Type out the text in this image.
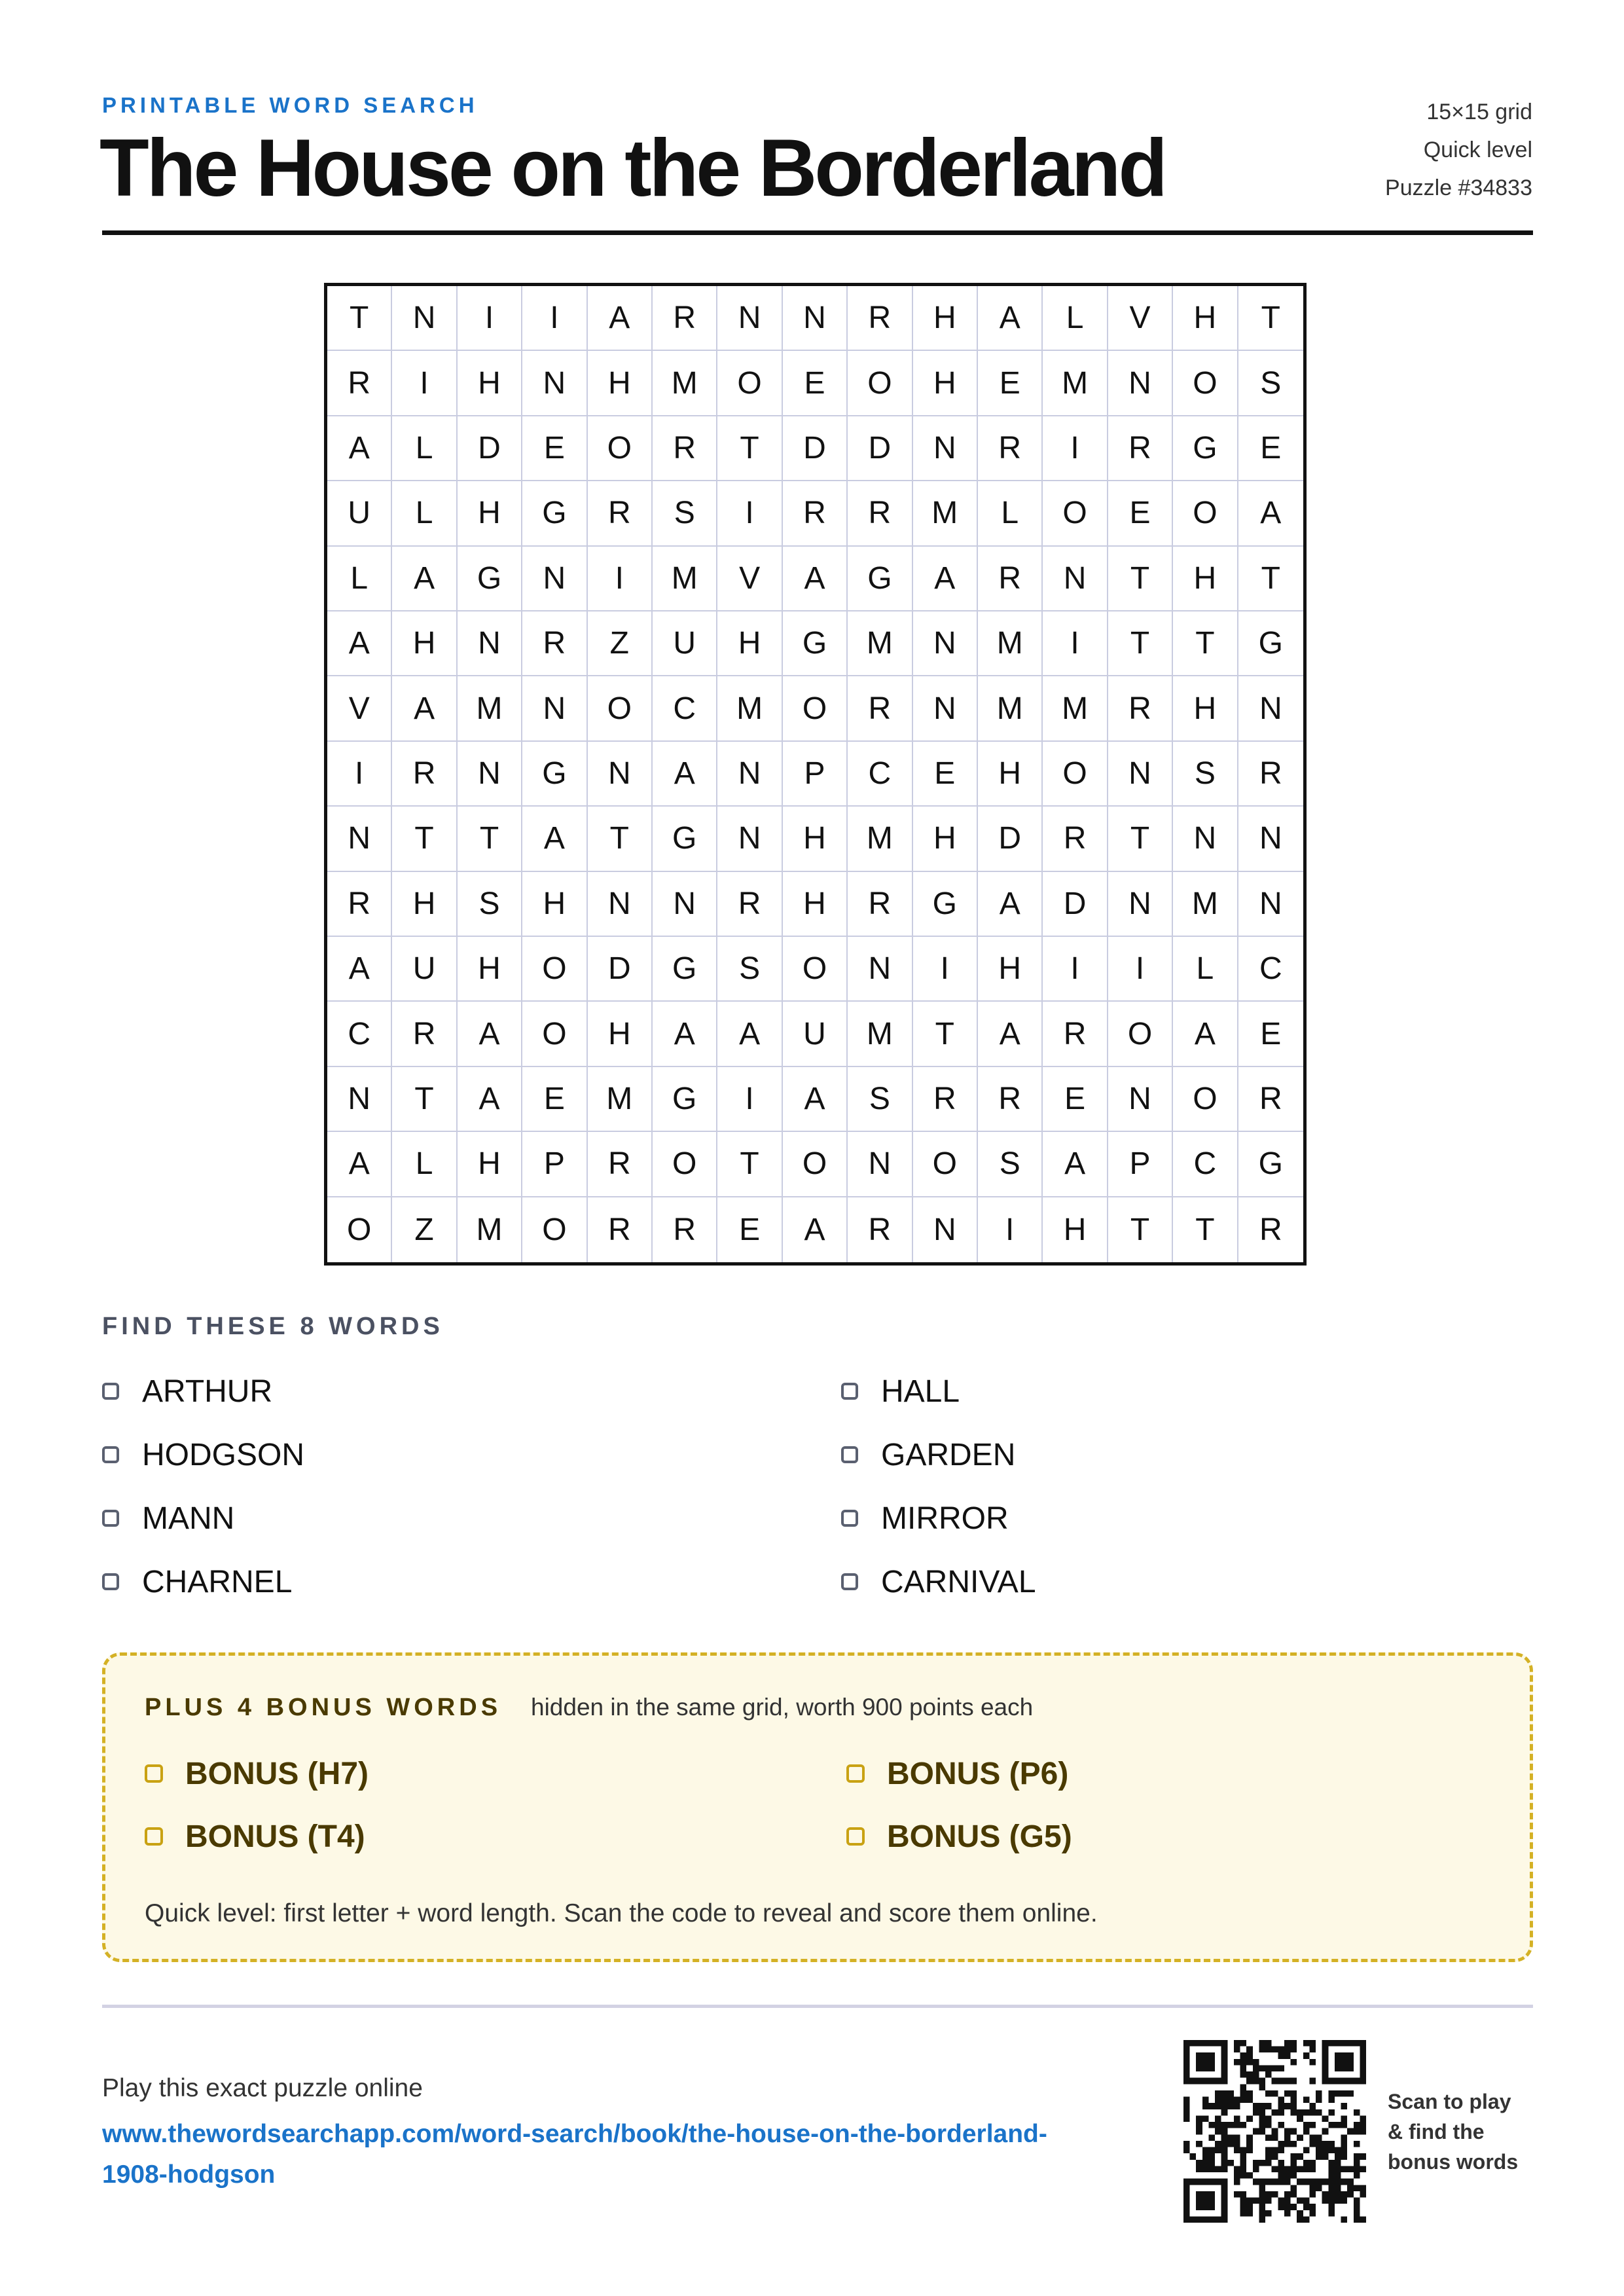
PRINTABLE WORD SEARCH
The House on the Borderland
15×15 grid
Quick level
Puzzle #34833
T	N	I	I	A	R	N	N	R	H	A	L	V	H	T
R	I	H	N	H	M	O	E	O	H	E	M	N	O	S
A	L	D	E	O	R	T	D	D	N	R	I	R	G	E
U	L	H	G	R	S	I	R	R	M	L	O	E	O	A
L	A	G	N	I	M	V	A	G	A	R	N	T	H	T
A	H	N	R	Z	U	H	G	M	N	M	I	T	T	G
V	A	M	N	O	C	M	O	R	N	M	M	R	H	N
I	R	N	G	N	A	N	P	C	E	H	O	N	S	R
N	T	T	A	T	G	N	H	M	H	D	R	T	N	N
R	H	S	H	N	N	R	H	R	G	A	D	N	M	N
A	U	H	O	D	G	S	O	N	I	H	I	I	L	C
C	R	A	O	H	A	A	U	M	T	A	R	O	A	E
N	T	A	E	M	G	I	A	S	R	R	E	N	O	R
A	L	H	P	R	O	T	O	N	O	S	A	P	C	G
O	Z	M	O	R	R	E	A	R	N	I	H	T	T	R
FIND THESE 8 WORDS
ARTHUR	HALL
HODGSON	GARDEN
MANN	MIRROR
CHARNEL	CARNIVAL
PLUS 4 BONUS WORDS hidden in the same grid, worth 900 points each
BONUS (H7)	BONUS (P6)
BONUS (T4)	BONUS (G5)
Quick level: first letter + word length. Scan the code to reveal and score them online.
Play this exact puzzle online
www.thewordsearchapp.com/word-search/book/the-house-on-the-borderland-1908-hodgson
Scan to play & find the bonus words
